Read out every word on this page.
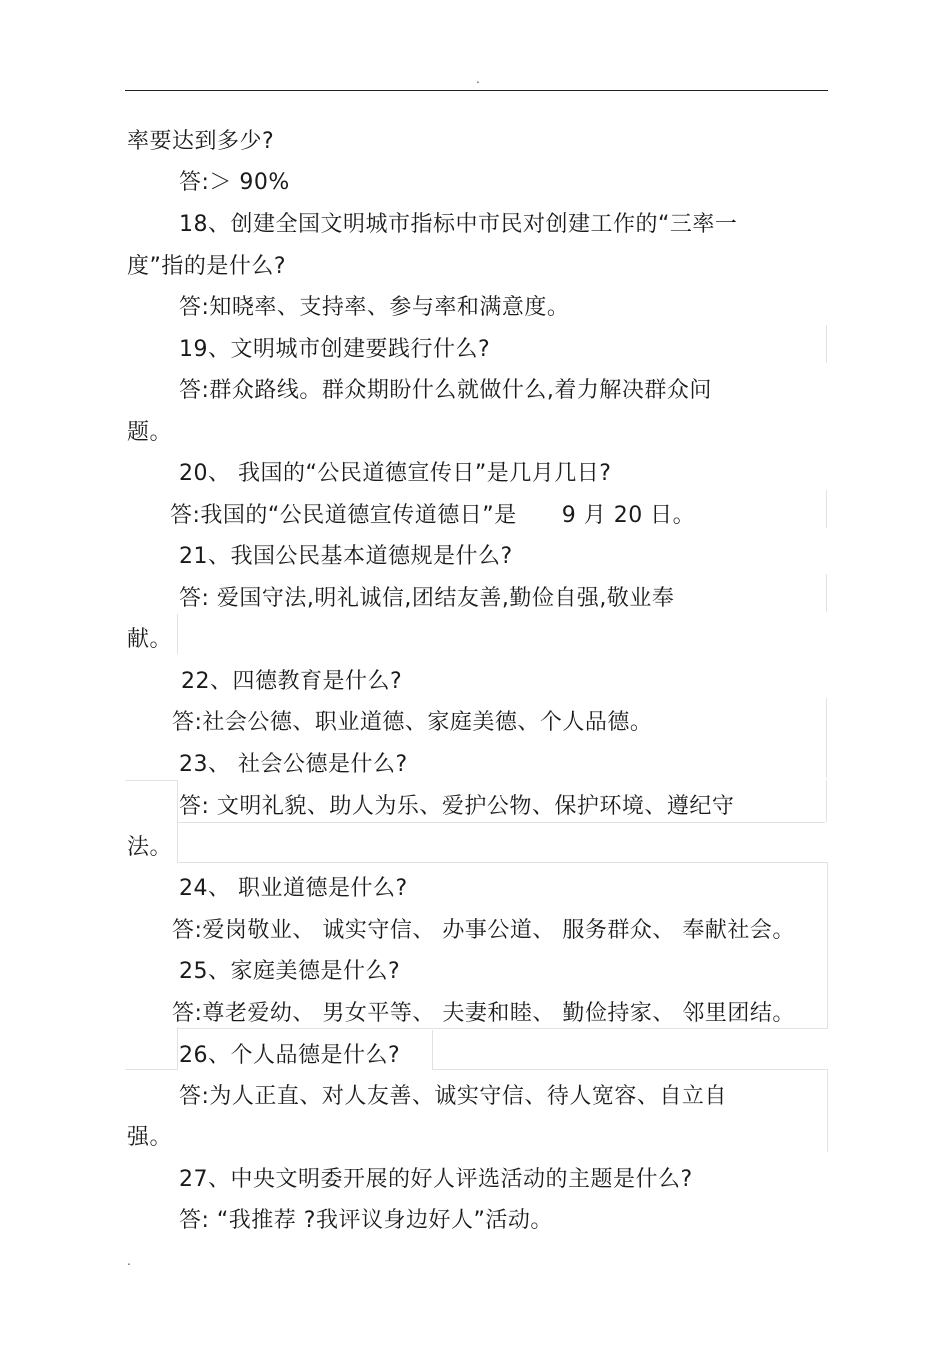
.
率要达到多少?
答:＞ 90%
18、创建全国文明城市指标中市民对创建工作的“三率一
度”指的是什么?
答:知晓率、支持率、参与率和满意度。
19、文明城市创建要践行什么?
答:群众路线。群众期盼什么就做什么,着力解决群众问
题。
20、 我国的“公民道德宣传日”是几月几日?
答:我国的“公民道德宣传道德日”是　　9 月 20 日。
21、我国公民基本道德规是什么?
答: 爱国守法,明礼诚信,团结友善,勤俭自强,敬业奉
献。
22、四德教育是什么?
答:社会公德、职业道德、家庭美德、个人品德。
23、 社会公德是什么?
答: 文明礼貌、助人为乐、爱护公物、保护环境、遵纪守
法。
24、 职业道德是什么?
答:爱岗敬业、 诚实守信、 办事公道、 服务群众、 奉献社会。
25、家庭美德是什么?
答:尊老爱幼、 男女平等、 夫妻和睦、 勤俭持家、 邻里团结。
26、个人品德是什么?
答:为人正直、对人友善、诚实守信、待人宽容、自立自
强。
27、中央文明委开展的好人评选活动的主题是什么?
答: “我推荐 ?我评议身边好人”活动。
.
